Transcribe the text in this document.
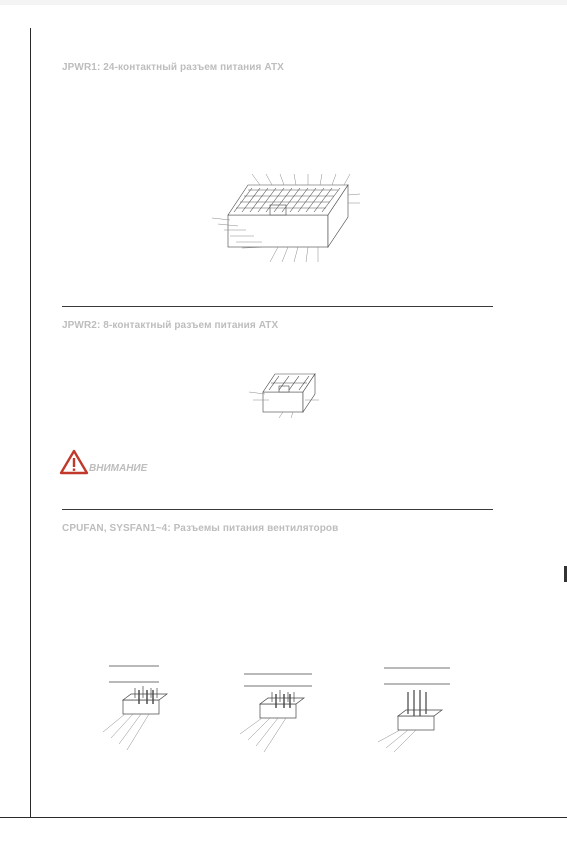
JPWR1: 24-контактный разъем питания ATX
JPWR2: 8-контактный разъем питания ATX
ВНИМАНИЕ
CPUFAN, SYSFAN1~4: Разъемы питания вентиляторов
